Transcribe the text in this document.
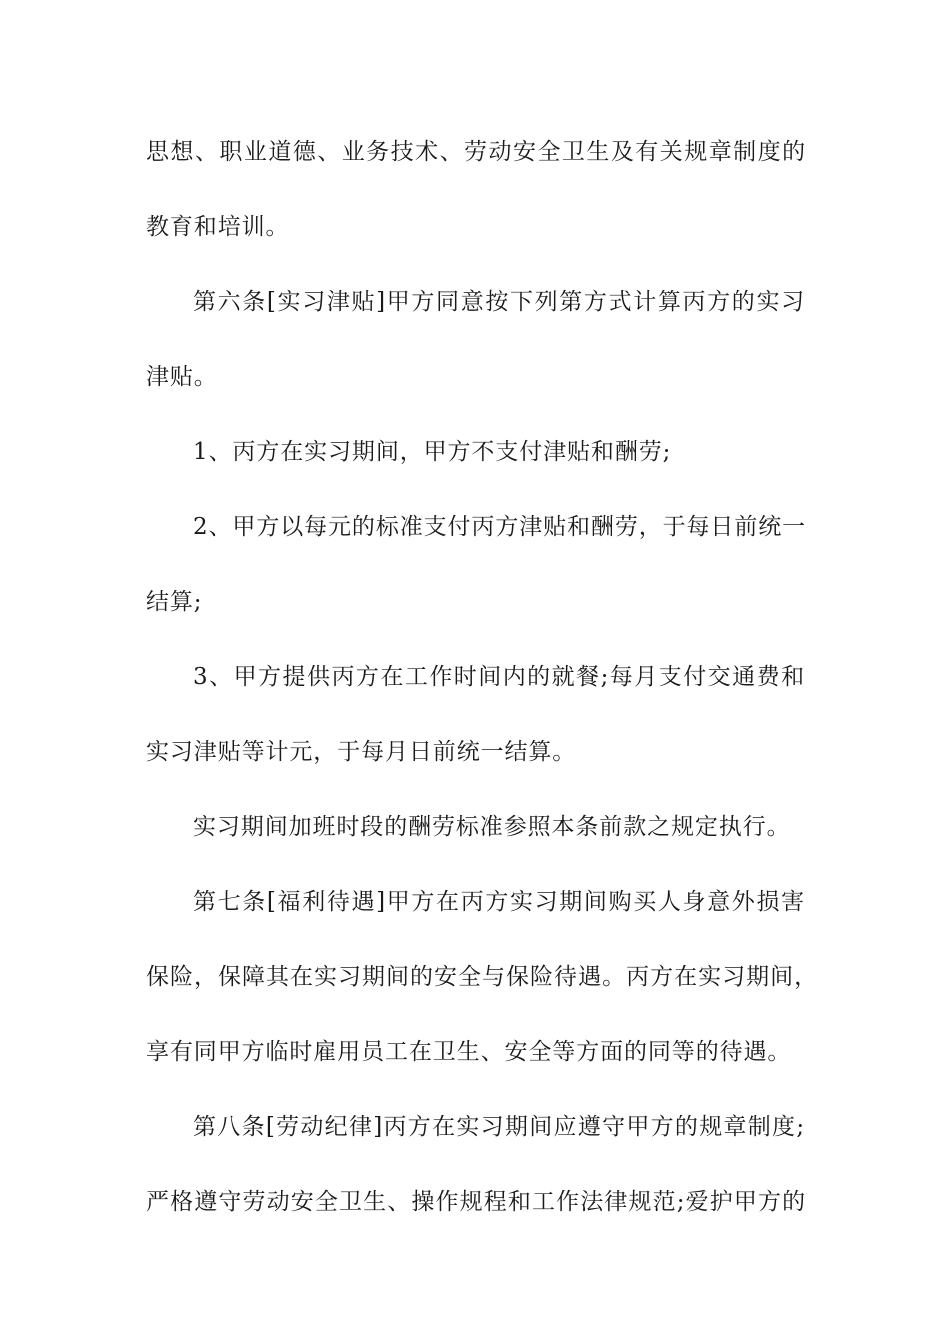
思想、职业道德、业务技术、劳动安全卫生及有关规章制度的
教育和培训。
第六条[实习津贴]甲方同意按下列第方式计算丙方的实习
津贴。
1、丙方在实习期间，甲方不支付津贴和酬劳;
2、甲方以每元的标准支付丙方津贴和酬劳，于每日前统一
结算;
3、甲方提供丙方在工作时间内的就餐;每月支付交通费和
实习津贴等计元，于每月日前统一结算。
实习期间加班时段的酬劳标准参照本条前款之规定执行。
第七条[福利待遇]甲方在丙方实习期间购买人身意外损害
保险，保障其在实习期间的安全与保险待遇。丙方在实习期间，
享有同甲方临时雇用员工在卫生、安全等方面的同等的待遇。
第八条[劳动纪律]丙方在实习期间应遵守甲方的规章制度;
严格遵守劳动安全卫生、操作规程和工作法律规范;爱护甲方的
